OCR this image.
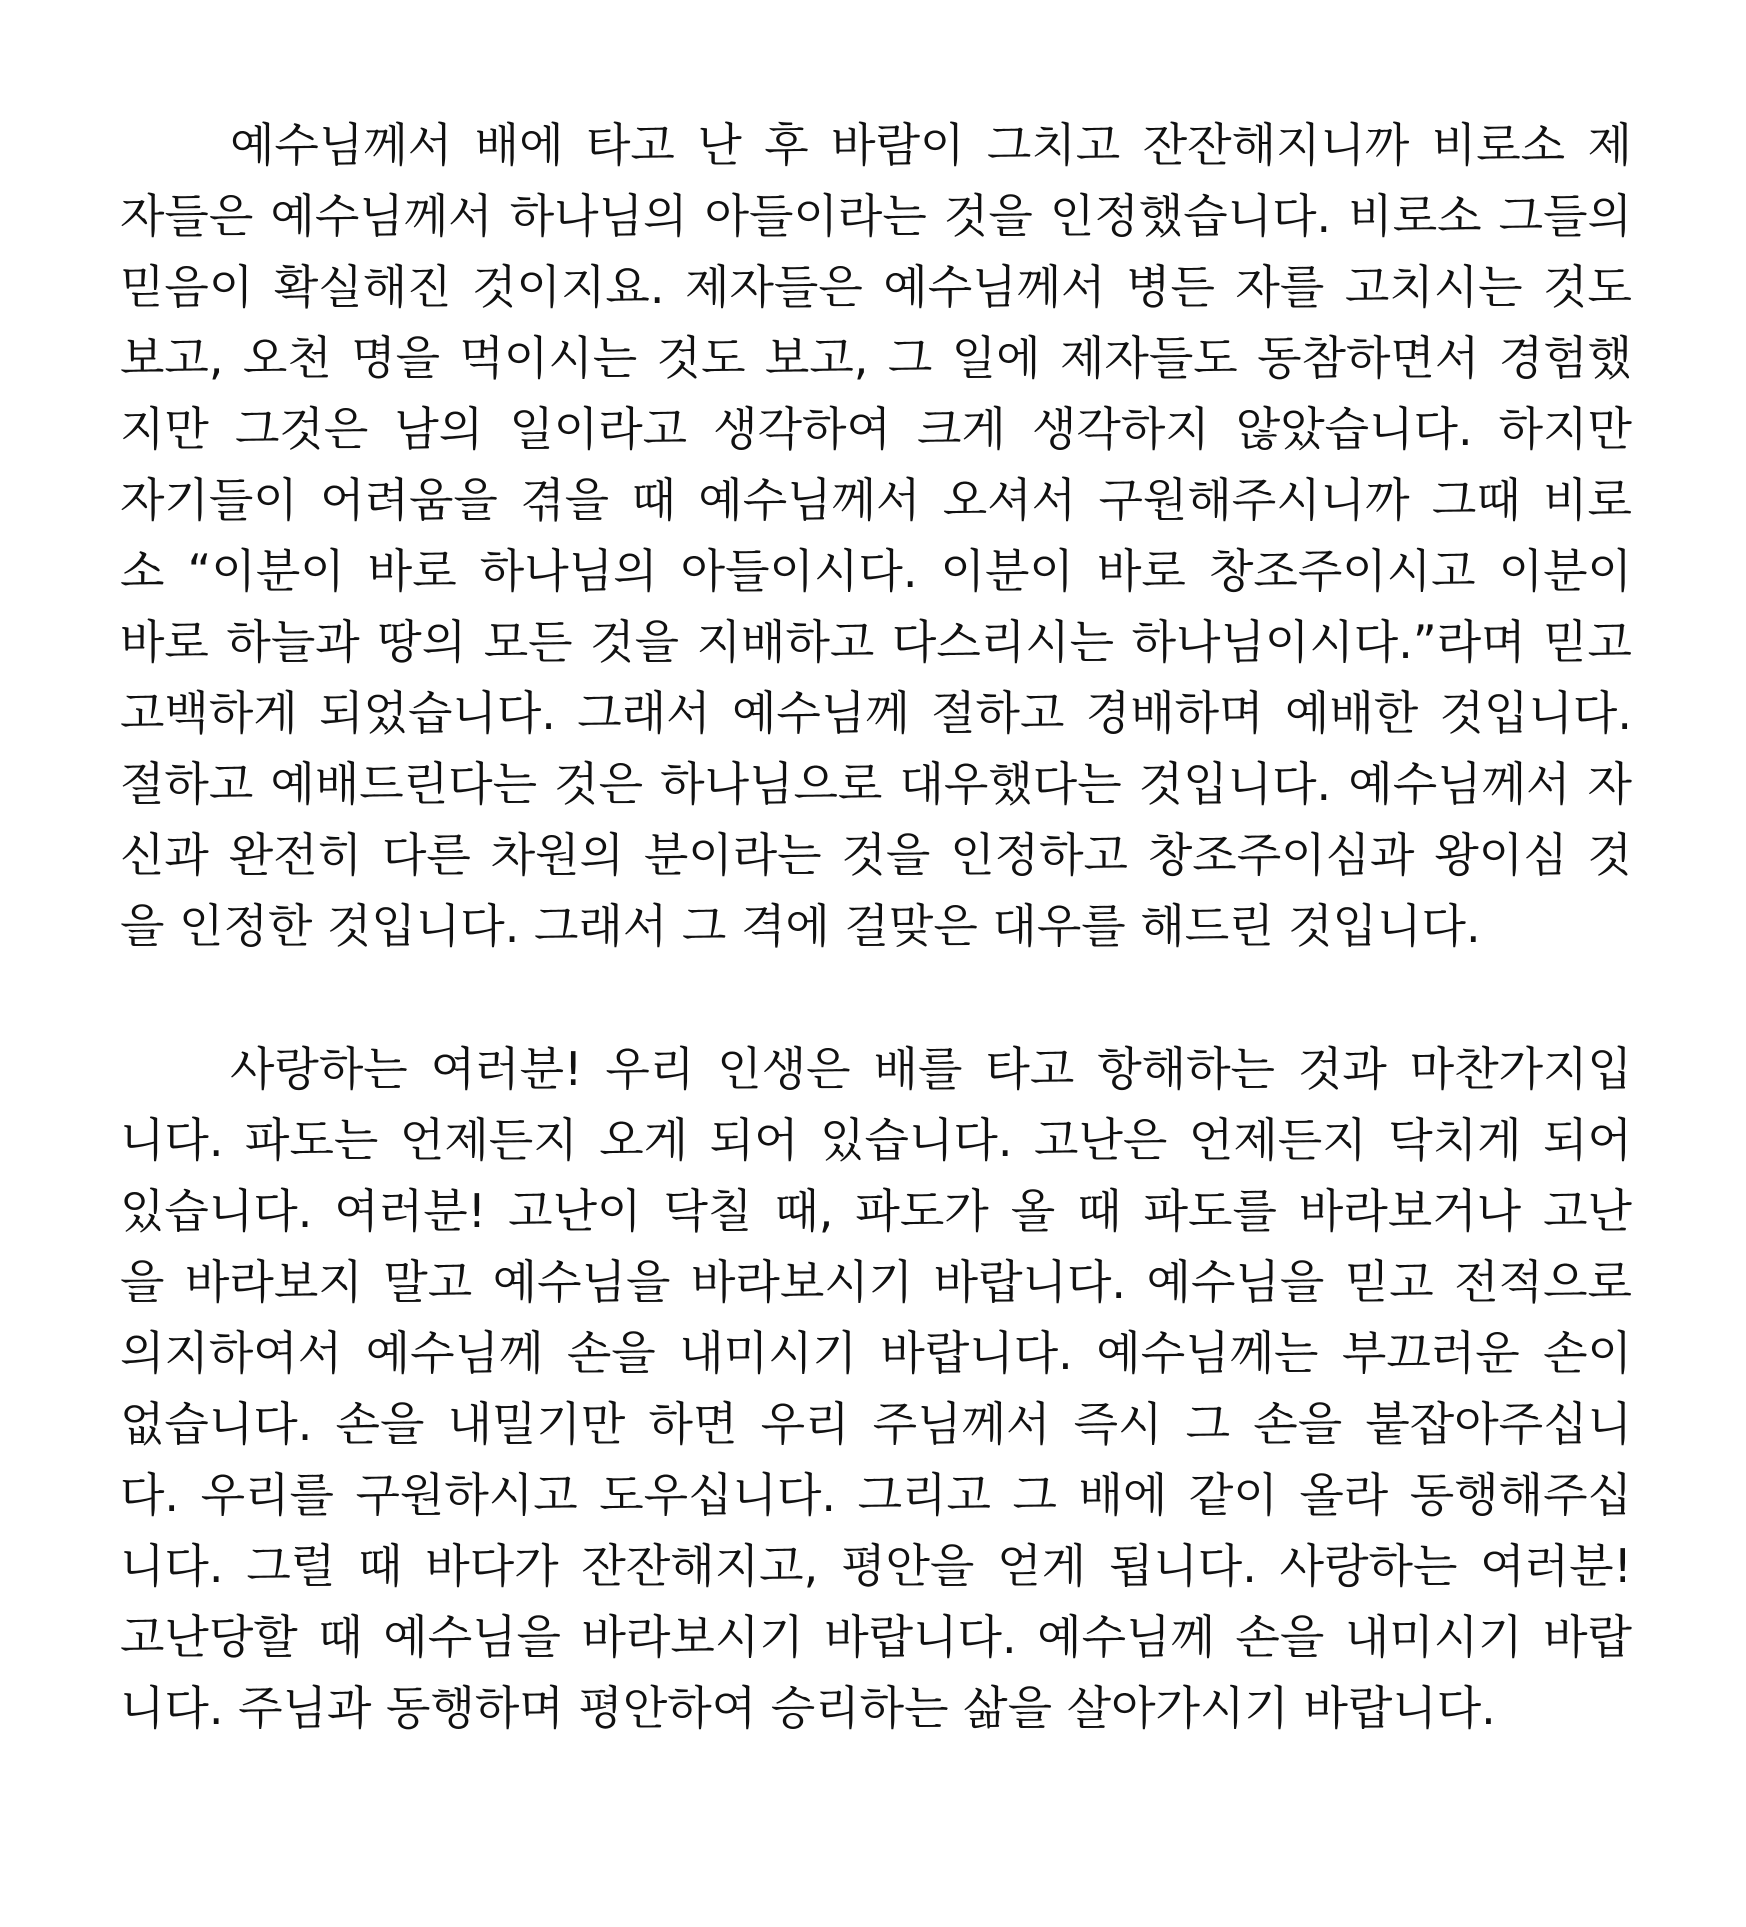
예수님께서 배에 타고 난 후 바람이 그치고 잔잔해지니까 비로소 제
자들은 예수님께서 하나님의 아들이라는 것을 인정했습니다. 비로소 그들의
믿음이 확실해진 것이지요. 제자들은 예수님께서 병든 자를 고치시는 것도
보고, 오천 명을 먹이시는 것도 보고, 그 일에 제자들도 동참하면서 경험했
지만 그것은 남의 일이라고 생각하여 크게 생각하지 않았습니다. 하지만
자기들이 어려움을 겪을 때 예수님께서 오셔서 구원해주시니까 그때 비로
소 “이분이 바로 하나님의 아들이시다. 이분이 바로 창조주이시고 이분이
바로 하늘과 땅의 모든 것을 지배하고 다스리시는 하나님이시다.”라며 믿고
고백하게 되었습니다. 그래서 예수님께 절하고 경배하며 예배한 것입니다.
절하고 예배드린다는 것은 하나님으로 대우했다는 것입니다. 예수님께서 자
신과 완전히 다른 차원의 분이라는 것을 인정하고 창조주이심과 왕이심 것
을 인정한 것입니다. 그래서 그 격에 걸맞은 대우를 해드린 것입니다.
사랑하는 여러분! 우리 인생은 배를 타고 항해하는 것과 마찬가지입
니다. 파도는 언제든지 오게 되어 있습니다. 고난은 언제든지 닥치게 되어
있습니다. 여러분! 고난이 닥칠 때, 파도가 올 때 파도를 바라보거나 고난
을 바라보지 말고 예수님을 바라보시기 바랍니다. 예수님을 믿고 전적으로
의지하여서 예수님께 손을 내미시기 바랍니다. 예수님께는 부끄러운 손이
없습니다. 손을 내밀기만 하면 우리 주님께서 즉시 그 손을 붙잡아주십니
다. 우리를 구원하시고 도우십니다. 그리고 그 배에 같이 올라 동행해주십
니다. 그럴 때 바다가 잔잔해지고, 평안을 얻게 됩니다. 사랑하는 여러분!
고난당할 때 예수님을 바라보시기 바랍니다. 예수님께 손을 내미시기 바랍
니다. 주님과 동행하며 평안하여 승리하는 삶을 살아가시기 바랍니다.
